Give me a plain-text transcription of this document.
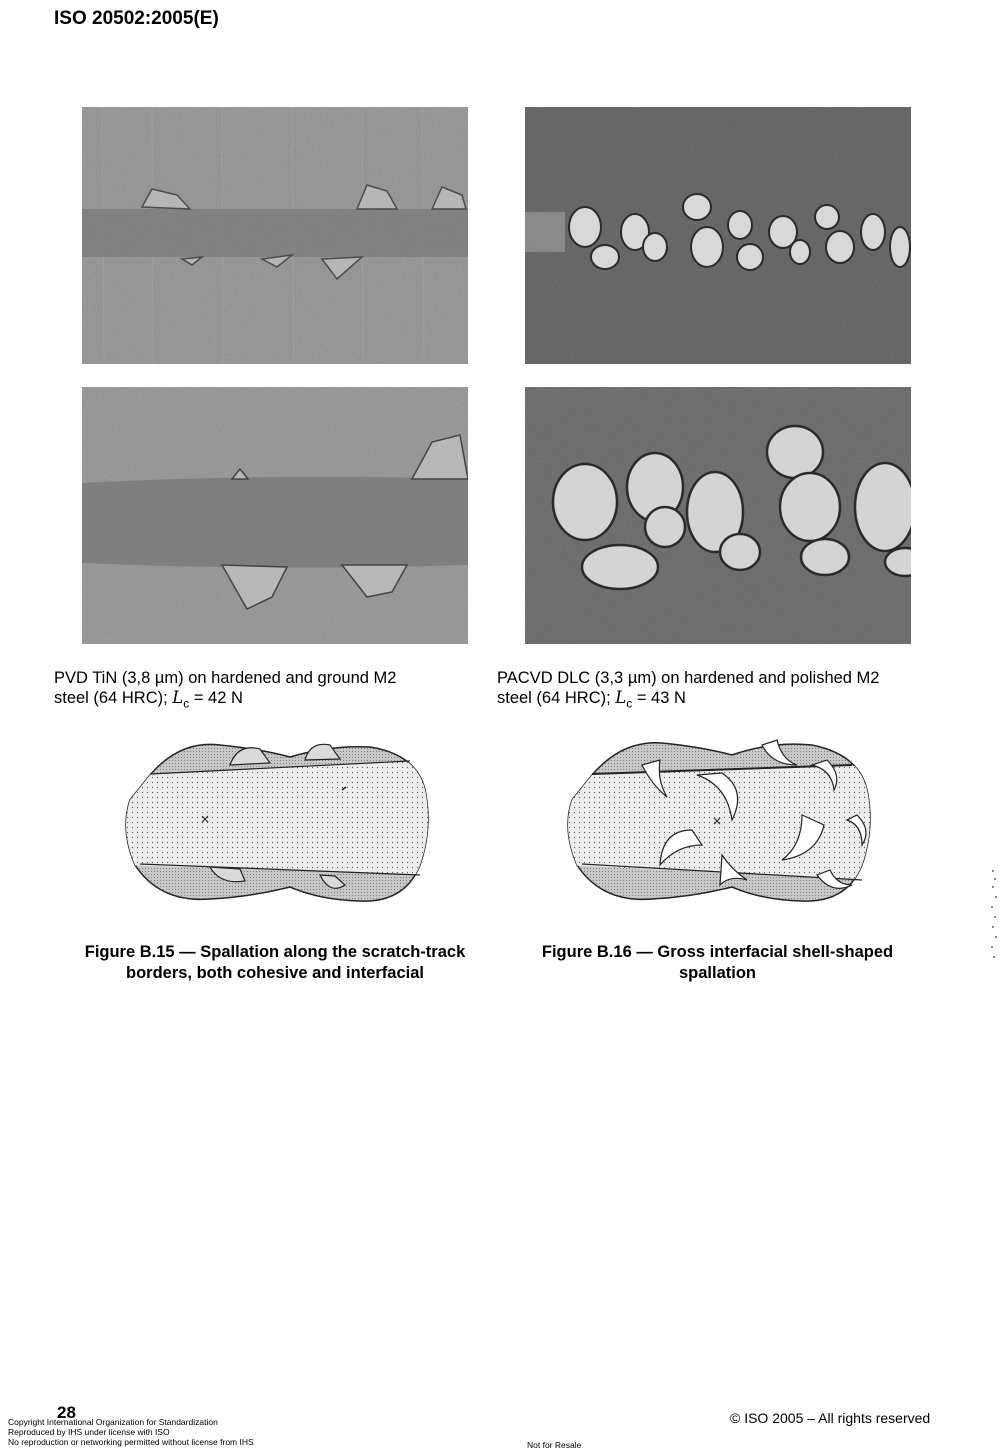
ISO 20502:2005(E)
PVD TiN (3,8 µm) on hardened and ground M2
steel (64 HRC); $L_c = 42$ N
PACVD DLC (3,3 µm) on hardened and polished M2
steel (64 HRC); $L_c = 43$ N
×	×
Figure B.15 — Spallation along the scratch-track
borders, both cohesive and interfacial
Figure B.16 — Gross interfacial shell-shaped
spallation
28
Copyright International Organization for Standardization
Reproduced by IHS under license with ISO
No reproduction or networking permitted without license from IHS	Not for Resale
© ISO 2005 – All rights reserved
